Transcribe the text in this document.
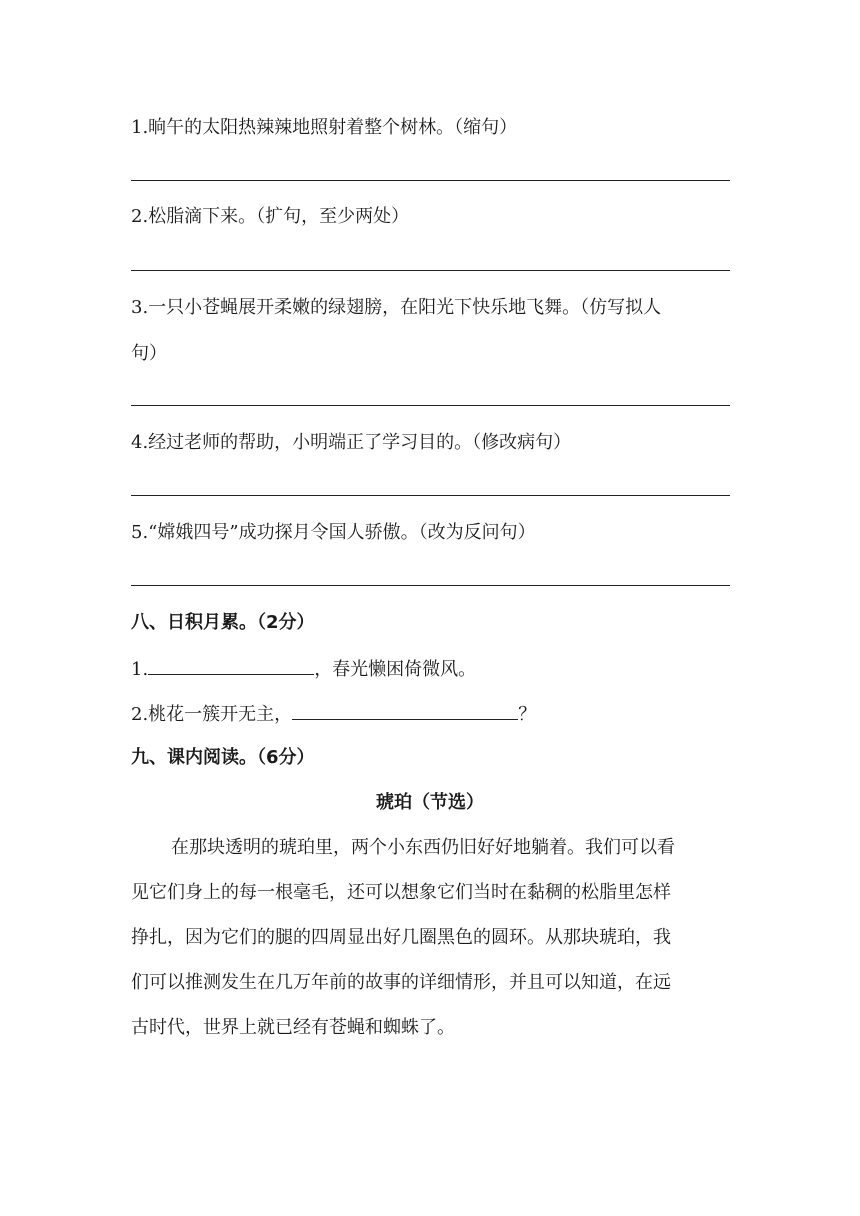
1.晌午的太阳热辣辣地照射着整个树林。（缩句）
2.松脂滴下来。（扩句，至少两处）
3.一只小苍蝇展开柔嫩的绿翅膀，在阳光下快乐地飞舞。（仿写拟人
句）
4.经过老师的帮助，小明端正了学习目的。（修改病句）
5.“嫦娥四号”成功探月令国人骄傲。（改为反问句）
八、日积月累。（2分）
1.	，春光懒困倚微风。
2.桃花一簇开无主，	？
九、课内阅读。（6分）
琥珀（节选）
在那块透明的琥珀里，两个小东西仍旧好好地躺着。我们可以看
见它们身上的每一根毫毛，还可以想象它们当时在黏稠的松脂里怎样
挣扎，因为它们的腿的四周显出好几圈黑色的圆环。从那块琥珀，我
们可以推测发生在几万年前的故事的详细情形，并且可以知道，在远
古时代，世界上就已经有苍蝇和蜘蛛了。
